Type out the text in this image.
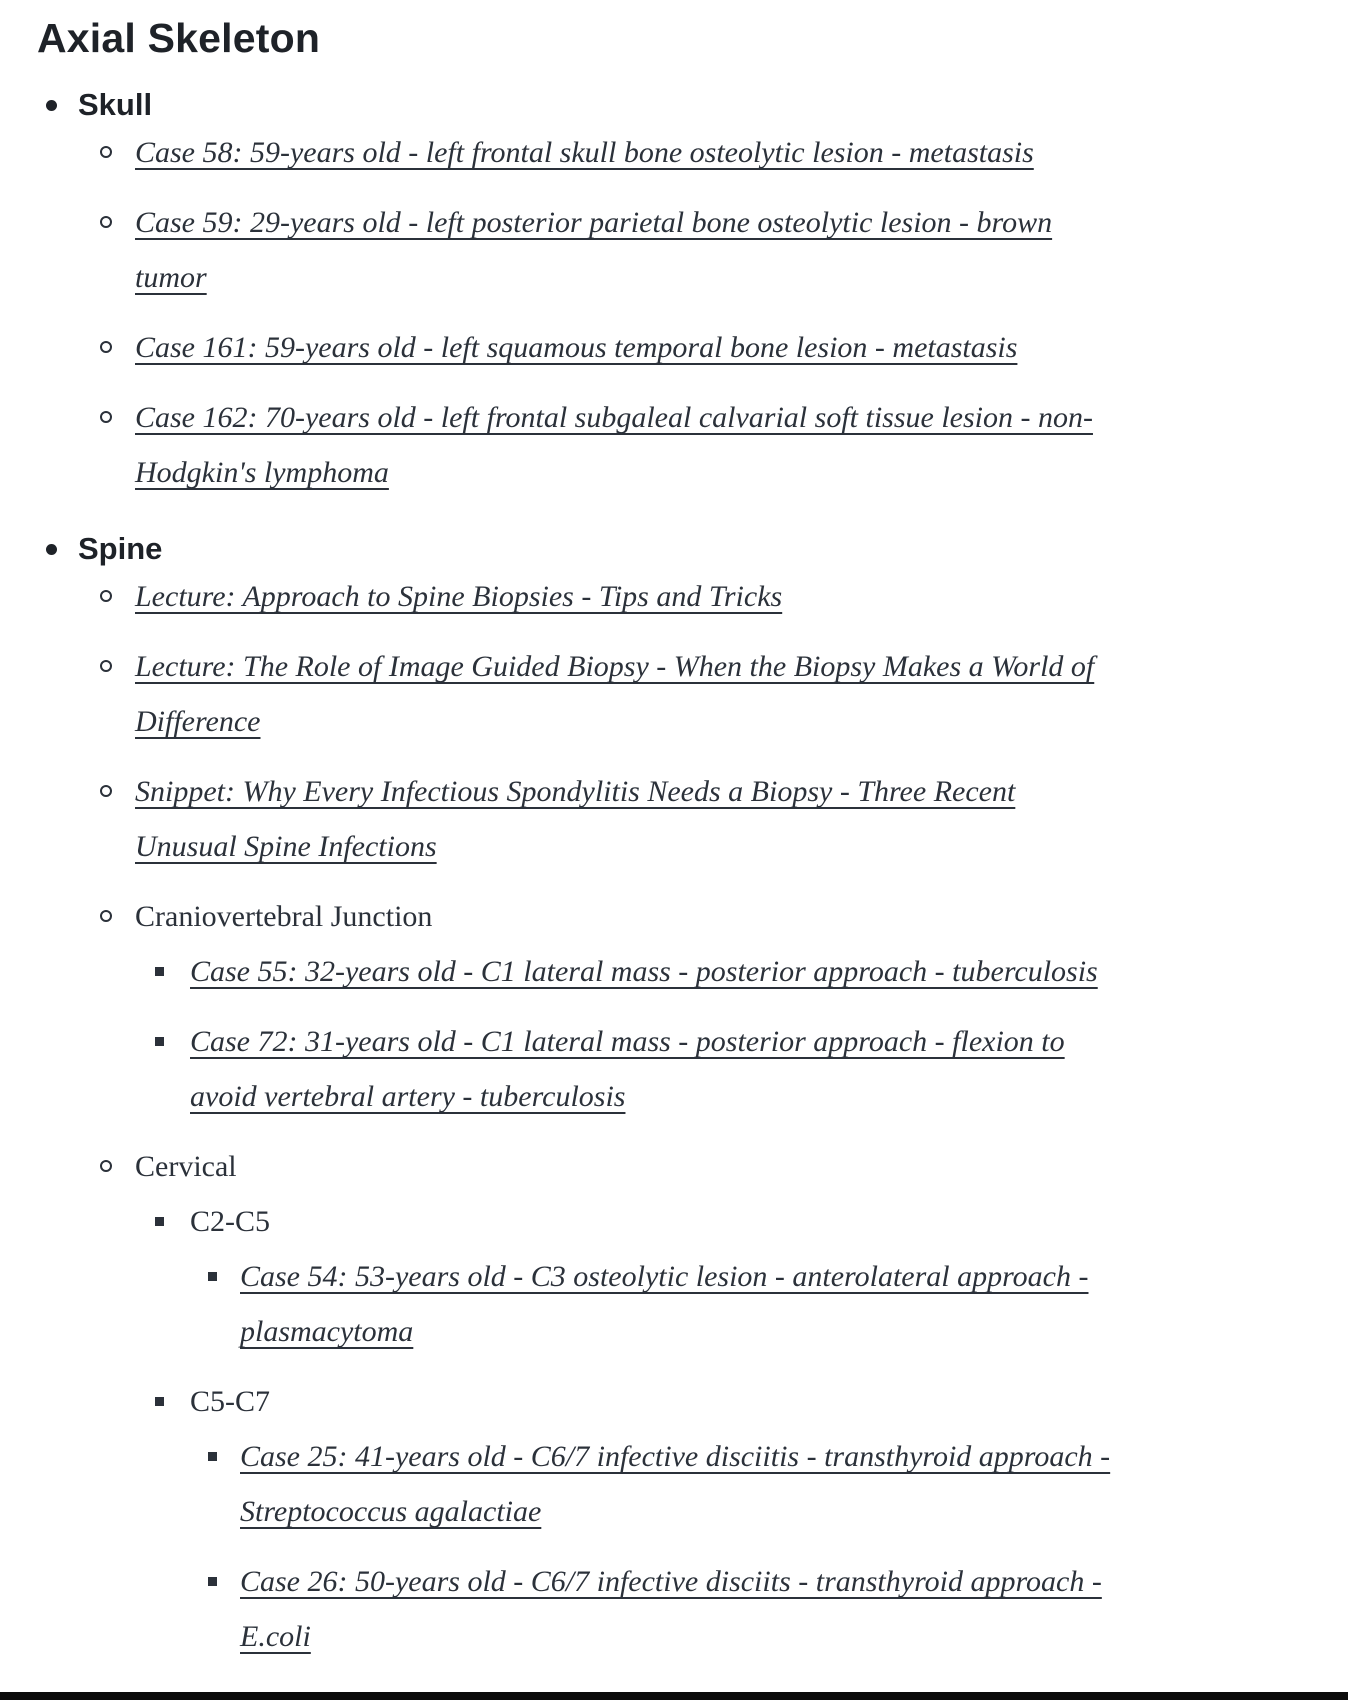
Axial Skeleton
Skull
Case 58: 59-years old - left frontal skull bone osteolytic lesion - metastasis
Case 59: 29-years old - left posterior parietal bone osteolytic lesion - brown
tumor
Case 161: 59-years old - left squamous temporal bone lesion - metastasis
Case 162: 70-years old - left frontal subgaleal calvarial soft tissue lesion - non-
Hodgkin's lymphoma
Spine
Lecture: Approach to Spine Biopsies - Tips and Tricks
Lecture: The Role of Image Guided Biopsy - When the Biopsy Makes a World of
Difference
Snippet: Why Every Infectious Spondylitis Needs a Biopsy - Three Recent
Unusual Spine Infections
Craniovertebral Junction
Case 55: 32-years old - C1 lateral mass - posterior approach - tuberculosis
Case 72: 31-years old - C1 lateral mass - posterior approach - flexion to
avoid vertebral artery - tuberculosis
Cervical
C2-C5
Case 54: 53-years old - C3 osteolytic lesion - anterolateral approach -
plasmacytoma
C5-C7
Case 25: 41-years old - C6/7 infective disciitis - transthyroid approach -
Streptococcus agalactiae
Case 26: 50-years old - C6/7 infective disciits - transthyroid approach -
E.coli
